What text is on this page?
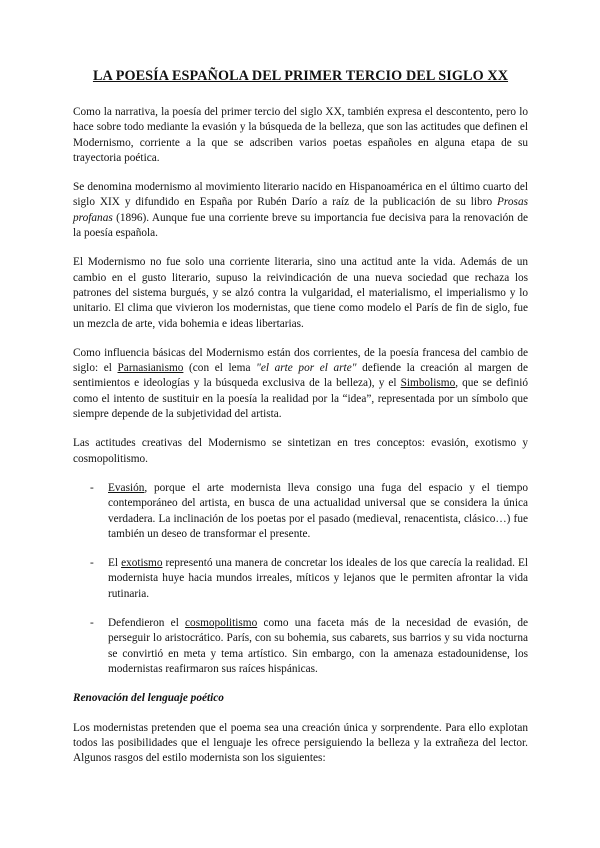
LA POESÍA ESPAÑOLA DEL PRIMER TERCIO DEL SIGLO XX

Como la narrativa, la poesía del primer tercio del siglo XX, también expresa el descontento, pero lo hace sobre todo mediante la evasión y la búsqueda de la belleza, que son las actitudes que definen el Modernismo, corriente a la que se adscriben varios poetas españoles en alguna etapa de su trayectoria poética.

Se denomina modernismo al movimiento literario nacido en Hispanoamérica en el último cuarto del siglo XIX y difundido en España por Rubén Darío a raíz de la publicación de su libro Prosas profanas (1896). Aunque fue una corriente breve su importancia fue decisiva para la renovación de la poesía española.

El Modernismo no fue solo una corriente literaria, sino una actitud ante la vida. Además de un cambio en el gusto literario, supuso la reivindicación de una nueva sociedad que rechaza los patrones del sistema burgués, y se alzó contra la vulgaridad, el materialismo, el imperialismo y lo unitario. El clima que vivieron los modernistas, que tiene como modelo el París de fin de siglo, fue un mezcla de arte, vida bohemia e ideas libertarias.

Como influencia básicas del Modernismo están dos corrientes, de la poesía francesa del cambio de siglo: el Parnasianismo (con el lema "el arte por el arte" defiende la creación al margen de sentimientos e ideologías y la búsqueda exclusiva de la belleza), y el Simbolismo, que se definió como el intento de sustituir en la poesía la realidad por la “idea”, representada por un símbolo que siempre depende de la subjetividad del artista.

Las actitudes creativas del Modernismo se sintetizan en tres conceptos: evasión, exotismo y cosmopolitismo.

- Evasión, porque el arte modernista lleva consigo una fuga del espacio y el tiempo contemporáneo del artista, en busca de una actualidad universal que se considera la única verdadera. La inclinación de los poetas por el pasado (medieval, renacentista, clásico…) fue también un deseo de transformar el presente.
- El exotismo representó una manera de concretar los ideales de los que carecía la realidad. El modernista huye hacia mundos irreales, míticos y lejanos que le permiten afrontar la vida rutinaria.
- Defendieron el cosmopolitismo como una faceta más de la necesidad de evasión, de perseguir lo aristocrático. París, con su bohemia, sus cabarets, sus barrios y su vida nocturna se convirtió en meta y tema artístico. Sin embargo, con la amenaza estadounidense, los modernistas reafirmaron sus raíces hispánicas.
Renovación del lenguaje poético

Los modernistas pretenden que el poema sea una creación única y sorprendente. Para ello explotan todos las posibilidades que el lenguaje les ofrece persiguiendo la belleza y la extrañeza del lector. Algunos rasgos del estilo modernista son los siguientes:
